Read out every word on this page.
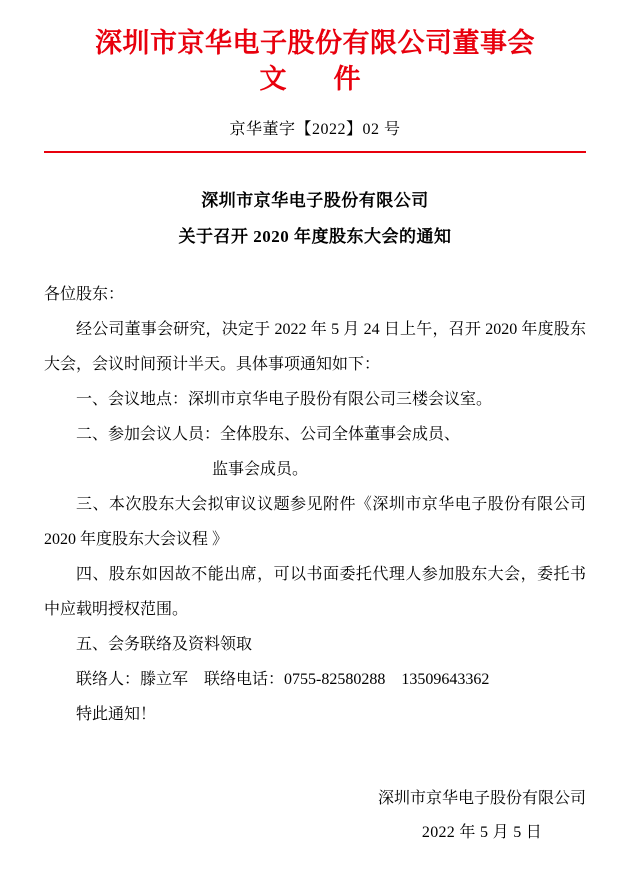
深圳市京华电子股份有限公司董事会
文　件
京华董字【2022】02 号
深圳市京华电子股份有限公司
关于召开 2020 年度股东大会的通知

各位股东：

经公司董事会研究，决定于 2022 年 5 月 24 日上午，召开 2020 年度股东大会，会议时间预计半天。具体事项通知如下：

一、会议地点：深圳市京华电子股份有限公司三楼会议室。

二、参加会议人员：全体股东、公司全体董事会成员、

监事会成员。

三、本次股东大会拟审议议题参见附件《深圳市京华电子股份有限公司 2020 年度股东大会议程 》

四、股东如因故不能出席，可以书面委托代理人参加股东大会，委托书中应载明授权范围。

五、会务联络及资料领取

联络人：滕立军　联络电话：0755-82580288　13509643362

特此通知！

深圳市京华电子股份有限公司
2022 年 5 月 5 日
